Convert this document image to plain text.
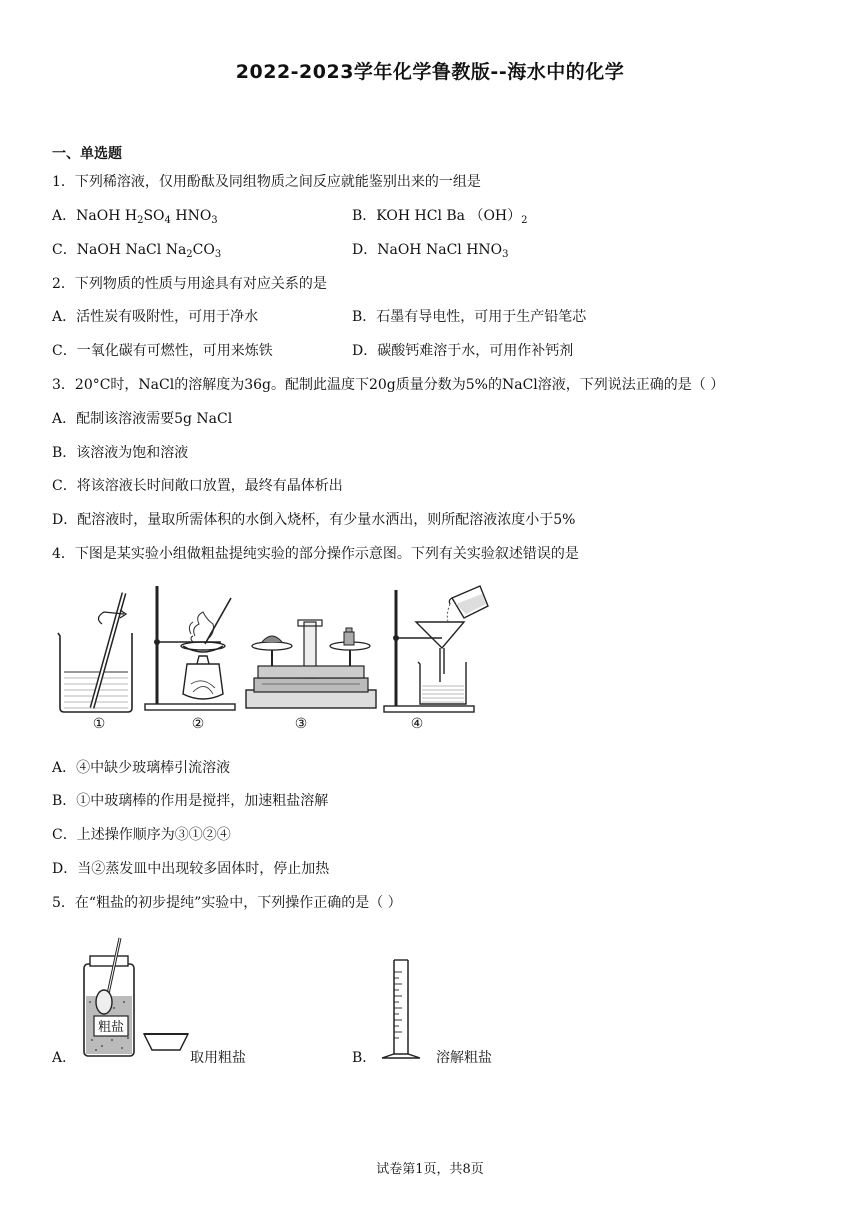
2022-2023学年化学鲁教版--海水中的化学
一、单选题
1．下列稀溶液，仅用酚酞及同组物质之间反应就能鉴别出来的一组是
A．NaOH $H_2SO_4$ $HNO_3$	B．KOH HCl Ba $(OH)_2$
C．NaOH NaCl $Na_2CO_3$	D．NaOH NaCl $HNO_3$
2．下列物质的性质与用途具有对应关系的是
A．活性炭有吸附性，可用于净水	B．石墨有导电性，可用于生产铅笔芯
C．一氧化碳有可燃性，可用来炼铁	D．碳酸钙难溶于水，可用作补钙剂
3．20°C时，NaCl的溶解度为36g。配制此温度下20g质量分数为5%的NaCl溶液，下列说法正确的是（ ）
A．配制该溶液需要5g NaCl
B．该溶液为饱和溶液
C．将该溶液长时间敞口放置，最终有晶体析出
D．配溶液时，量取所需体积的水倒入烧杯，有少量水洒出，则所配溶液浓度小于5%
4．下图是某实验小组做粗盐提纯实验的部分操作示意图。下列有关实验叙述错误的是
①	②	③	④
A．④中缺少玻璃棒引流溶液
B．①中玻璃棒的作用是搅拌，加速粗盐溶解
C．上述操作顺序为③①②④
D．当②蒸发皿中出现较多固体时，停止加热
5．在“粗盐的初步提纯”实验中，下列操作正确的是（ ）
粗盐
A．	取用粗盐	B．	溶解粗盐
试卷第1页，共8页
